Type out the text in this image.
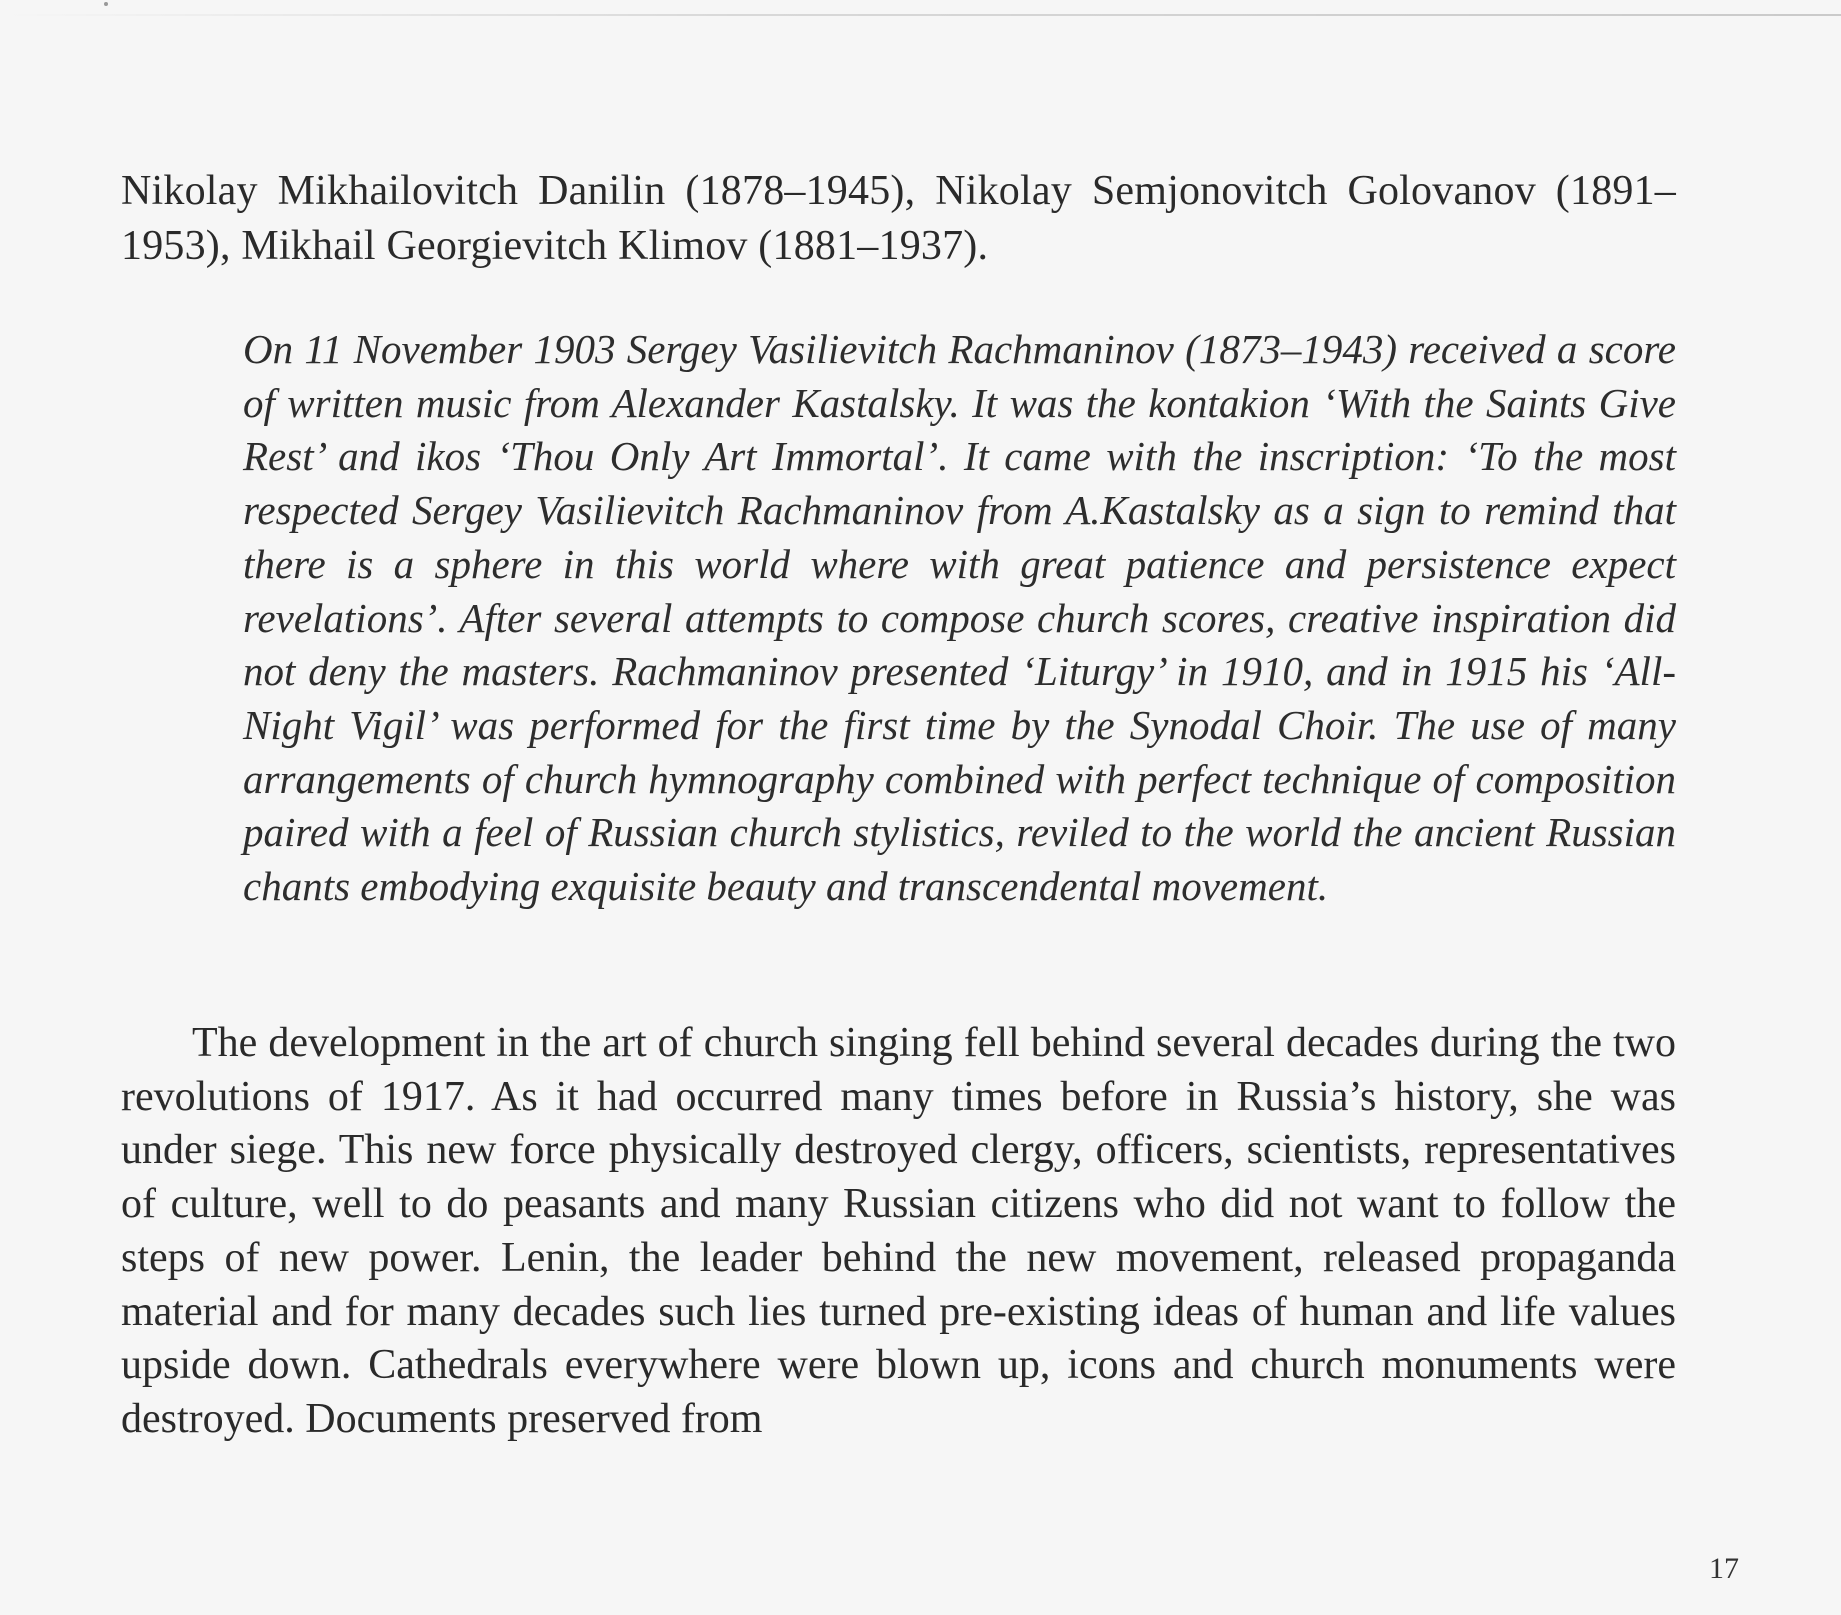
Nikolay Mikhailovitch Danilin (1878–1945), Nikolay Semjonovitch Golovanov (1891–1953), Mikhail Georgievitch Klimov (1881–1937).

On 11 November 1903 Sergey Vasilievitch Rachmaninov (1873–1943) received a score of written music from Alexander Kastalsky. It was the kontakion ‘With the Saints Give Rest’ and ikos ‘Thou Only Art Immortal’. It came with the inscription: ‘To the most respected Sergey Vasilievitch Rachmaninov from A.Kastalsky as a sign to remind that there is a sphere in this world where with great patience and persistence expect revelations’. After several attempts to compose church scores, creative inspiration did not deny the masters. Rachmaninov presented ‘Liturgy’ in 1910, and in 1915 his ‘All-Night Vigil’ was performed for the first time by the Synodal Choir. The use of many arrangements of church hymnography combined with perfect technique of composition paired with a feel of Russian church stylistics, reviled to the world the ancient Russian chants embodying exquisite beauty and transcendental movement.

The development in the art of church singing fell behind several decades during the two revolutions of 1917. As it had occurred many times before in Russia’s history, she was under siege. This new force physically destroyed clergy, officers, scientists, representatives of culture, well to do peasants and many Russian citizens who did not want to follow the steps of new power. Lenin, the leader behind the new movement, released propaganda material and for many decades such lies turned pre-existing ideas of human and life values upside down. Cathedrals everywhere were blown up, icons and church monuments were destroyed. Documents preserved from

17
